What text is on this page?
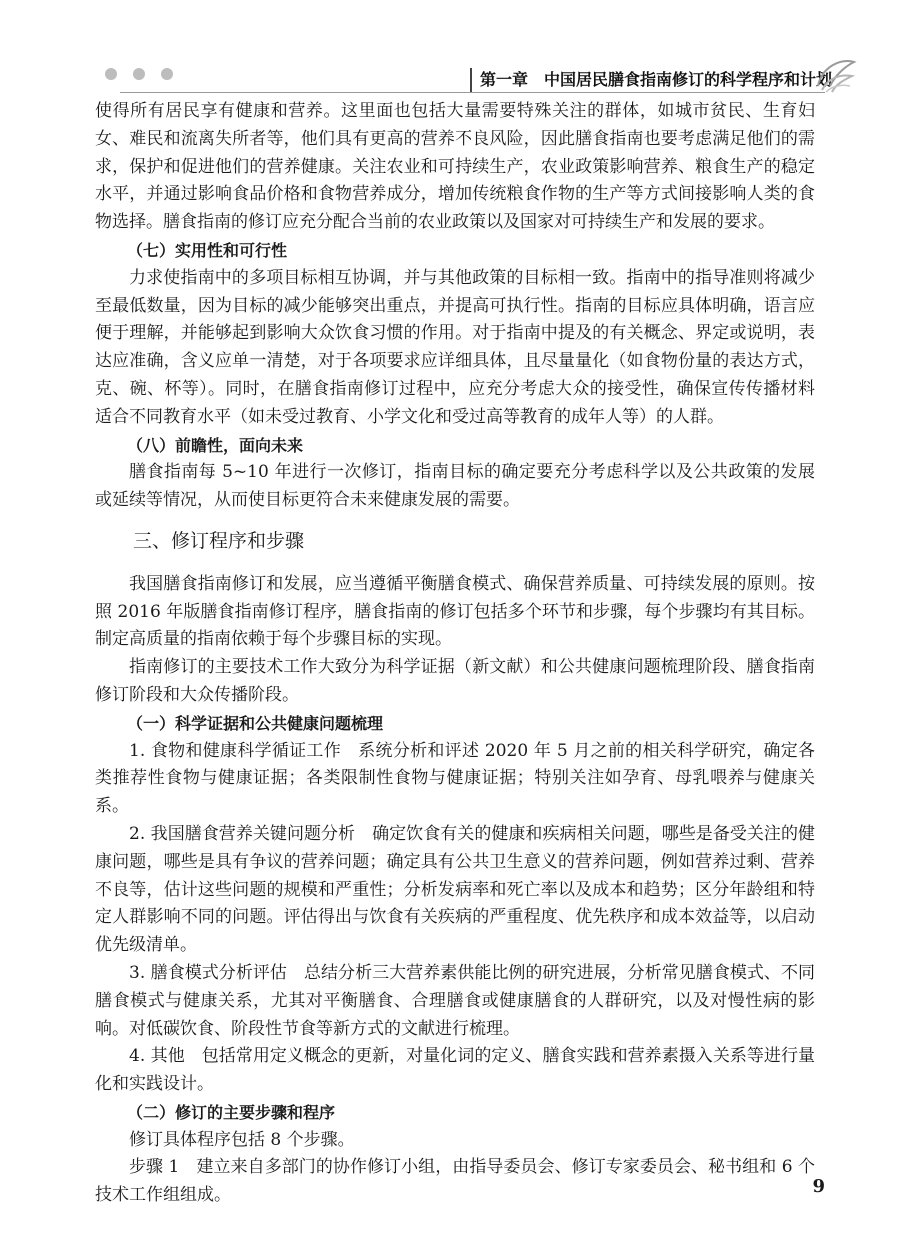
第一章　中国居民膳食指南修订的科学程序和计划

使得所有居民享有健康和营养。这里面也包括大量需要特殊关注的群体，如城市贫民、生育妇女、难民和流离失所者等，他们具有更高的营养不良风险，因此膳食指南也要考虑满足他们的需求，保护和促进他们的营养健康。关注农业和可持续生产，农业政策影响营养、粮食生产的稳定水平，并通过影响食品价格和食物营养成分，增加传统粮食作物的生产等方式间接影响人类的食物选择。膳食指南的修订应充分配合当前的农业政策以及国家对可持续生产和发展的要求。

（七）实用性和可行性

力求使指南中的多项目标相互协调，并与其他政策的目标相一致。指南中的指导准则将减少至最低数量，因为目标的减少能够突出重点，并提高可执行性。指南的目标应具体明确，语言应便于理解，并能够起到影响大众饮食习惯的作用。对于指南中提及的有关概念、界定或说明，表达应准确，含义应单一清楚，对于各项要求应详细具体，且尽量量化（如食物份量的表达方式，克、碗、杯等）。同时，在膳食指南修订过程中，应充分考虑大众的接受性，确保宣传传播材料适合不同教育水平（如未受过教育、小学文化和受过高等教育的成年人等）的人群。

（八）前瞻性，面向未来

膳食指南每 5~10 年进行一次修订，指南目标的确定要充分考虑科学以及公共政策的发展或延续等情况，从而使目标更符合未来健康发展的需要。

三、修订程序和步骤

我国膳食指南修订和发展，应当遵循平衡膳食模式、确保营养质量、可持续发展的原则。按照 2016 年版膳食指南修订程序，膳食指南的修订包括多个环节和步骤，每个步骤均有其目标。制定高质量的指南依赖于每个步骤目标的实现。

指南修订的主要技术工作大致分为科学证据（新文献）和公共健康问题梳理阶段、膳食指南修订阶段和大众传播阶段。

（一）科学证据和公共健康问题梳理

1. 食物和健康科学循证工作　系统分析和评述 2020 年 5 月之前的相关科学研究，确定各类推荐性食物与健康证据；各类限制性食物与健康证据；特别关注如孕育、母乳喂养与健康关系。

2. 我国膳食营养关键问题分析　确定饮食有关的健康和疾病相关问题，哪些是备受关注的健康问题，哪些是具有争议的营养问题；确定具有公共卫生意义的营养问题，例如营养过剩、营养不良等，估计这些问题的规模和严重性；分析发病率和死亡率以及成本和趋势；区分年龄组和特定人群影响不同的问题。评估得出与饮食有关疾病的严重程度、优先秩序和成本效益等，以启动优先级清单。

3. 膳食模式分析评估　总结分析三大营养素供能比例的研究进展，分析常见膳食模式、不同膳食模式与健康关系，尤其对平衡膳食、合理膳食或健康膳食的人群研究，以及对慢性病的影响。对低碳饮食、阶段性节食等新方式的文献进行梳理。

4. 其他　包括常用定义概念的更新，对量化词的定义、膳食实践和营养素摄入关系等进行量化和实践设计。

（二）修订的主要步骤和程序

修订具体程序包括 8 个步骤。

步骤 1　建立来自多部门的协作修订小组，由指导委员会、修订专家委员会、秘书组和 6 个技术工作组组成。	9
